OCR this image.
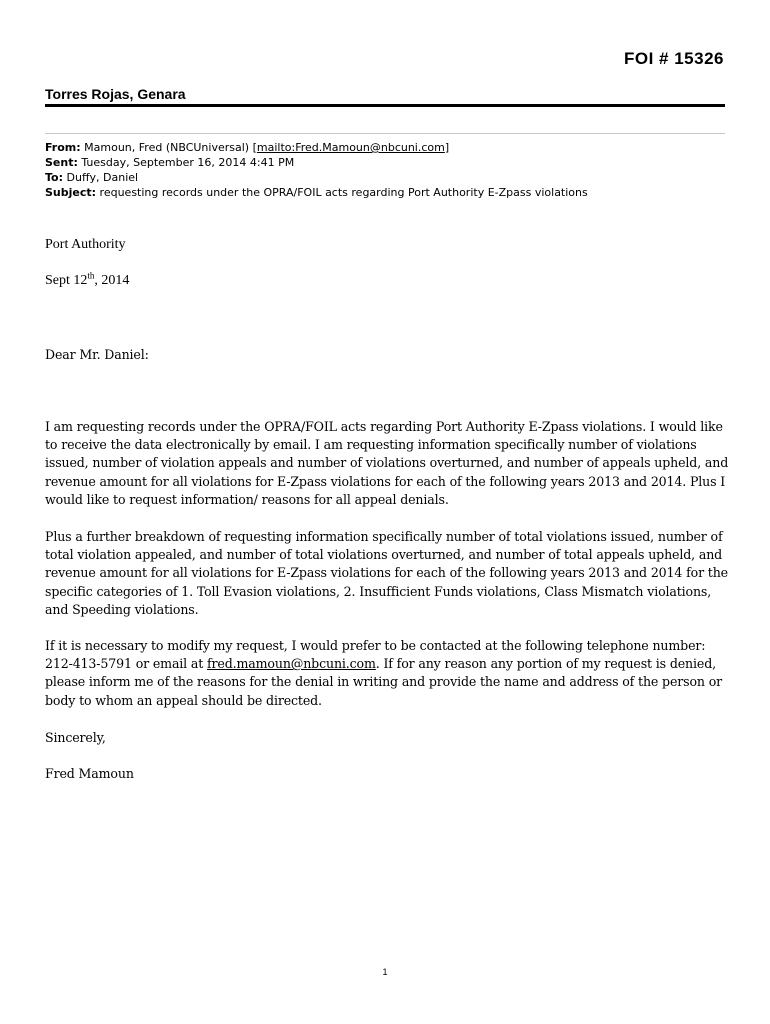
FOI # 15326
Torres Rojas, Genara
From: Mamoun, Fred (NBCUniversal) [mailto:Fred.Mamoun@nbcuni.com]
Sent: Tuesday, September 16, 2014 4:41 PM
To: Duffy, Daniel
Subject: requesting records under the OPRA/FOIL acts regarding Port Authority E-Zpass violations
Port Authority
Sept 12th, 2014
Dear Mr. Daniel:

I am requesting records under the OPRA/FOIL acts regarding Port Authority E-Zpass violations. I would like to receive the data electronically by email. I am requesting information specifically number of violations issued, number of violation appeals and number of violations overturned, and number of appeals upheld, and revenue amount for all violations for E-Zpass violations for each of the following years 2013 and 2014. Plus I would like to request information/ reasons for all appeal denials.

Plus a further breakdown of requesting information specifically number of total violations issued, number of total violation appealed, and number of total violations overturned, and number of total appeals upheld, and revenue amount for all violations for E-Zpass violations for each of the following years 2013 and 2014 for the specific categories of 1. Toll Evasion violations, 2. Insufficient Funds violations, Class Mismatch violations, and Speeding violations.

If it is necessary to modify my request, I would prefer to be contacted at the following telephone number: 212-413-5791 or email at fred.mamoun@nbcuni.com. If for any reason any portion of my request is denied, please inform me of the reasons for the denial in writing and provide the name and address of the person or body to whom an appeal should be directed.

Sincerely,
Fred Mamoun
1
